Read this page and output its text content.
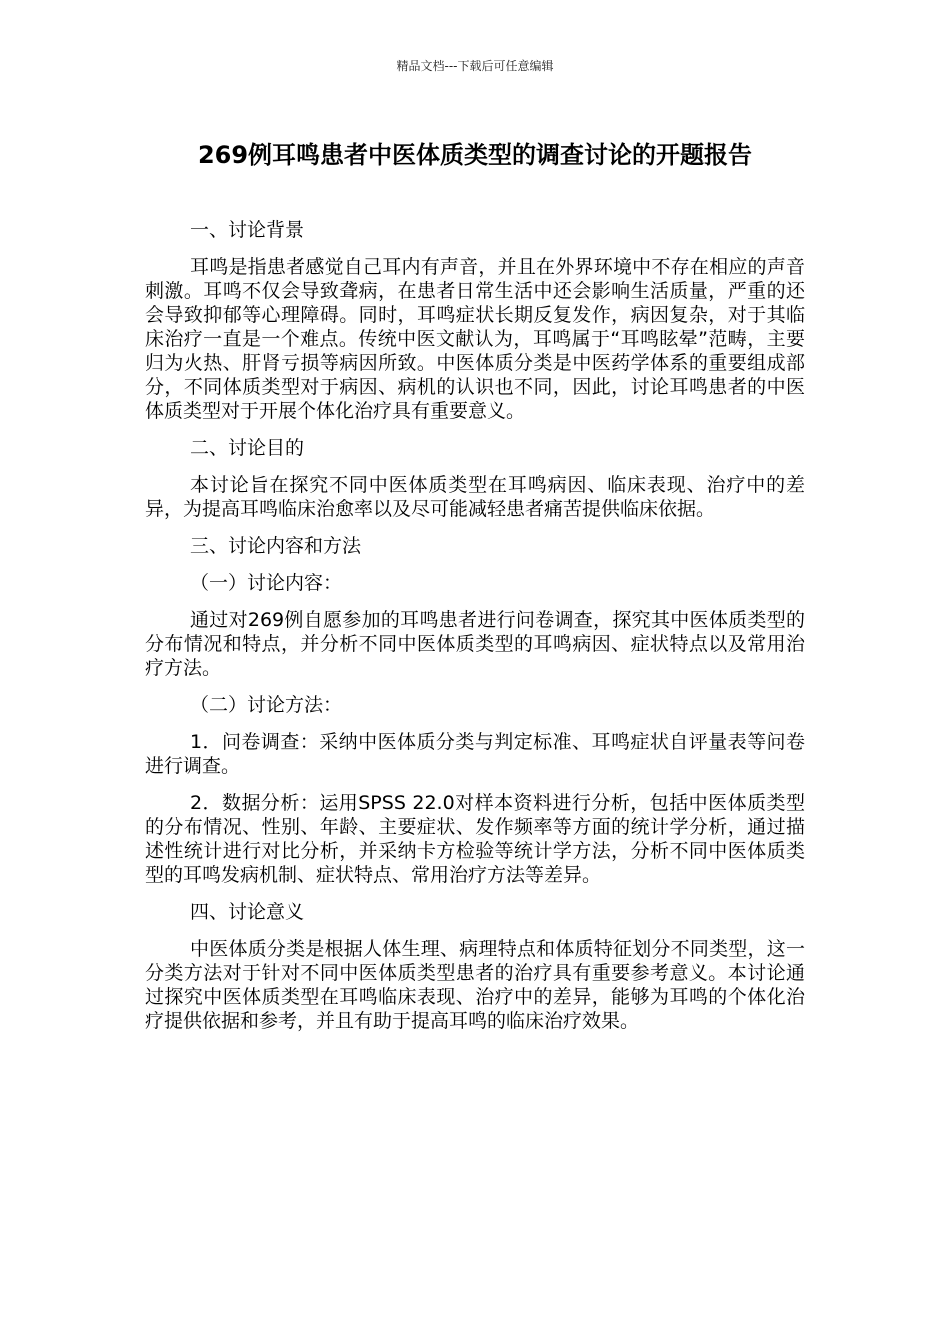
精品文档---下载后可任意编辑
269例耳鸣患者中医体质类型的调查讨论的开题报告
一、讨论背景

耳鸣是指患者感觉自己耳内有声音，并且在外界环境中不存在相应的声音刺激。耳鸣不仅会导致聋病，在患者日常生活中还会影响生活质量，严重的还会导致抑郁等心理障碍。同时，耳鸣症状长期反复发作，病因复杂，对于其临床治疗一直是一个难点。传统中医文献认为，耳鸣属于“耳鸣眩晕”范畴，主要归为火热、肝肾亏损等病因所致。中医体质分类是中医药学体系的重要组成部分，不同体质类型对于病因、病机的认识也不同，因此，讨论耳鸣患者的中医体质类型对于开展个体化治疗具有重要意义。

二、讨论目的

本讨论旨在探究不同中医体质类型在耳鸣病因、临床表现、治疗中的差异，为提高耳鸣临床治愈率以及尽可能减轻患者痛苦提供临床依据。

三、讨论内容和方法
（一）讨论内容：

通过对269例自愿参加的耳鸣患者进行问卷调查，探究其中医体质类型的分布情况和特点，并分析不同中医体质类型的耳鸣病因、症状特点以及常用治疗方法。

（二）讨论方法：

1．问卷调查：采纳中医体质分类与判定标准、耳鸣症状自评量表等问卷进行调查。

2．数据分析：运用SPSS 22.0对样本资料进行分析，包括中医体质类型的分布情况、性别、年龄、主要症状、发作频率等方面的统计学分析，通过描述性统计进行对比分析，并采纳卡方检验等统计学方法，分析不同中医体质类型的耳鸣发病机制、症状特点、常用治疗方法等差异。

四、讨论意义

中医体质分类是根据人体生理、病理特点和体质特征划分不同类型，这一分类方法对于针对不同中医体质类型患者的治疗具有重要参考意义。本讨论通过探究中医体质类型在耳鸣临床表现、治疗中的差异，能够为耳鸣的个体化治疗提供依据和参考，并且有助于提高耳鸣的临床治疗效果。
